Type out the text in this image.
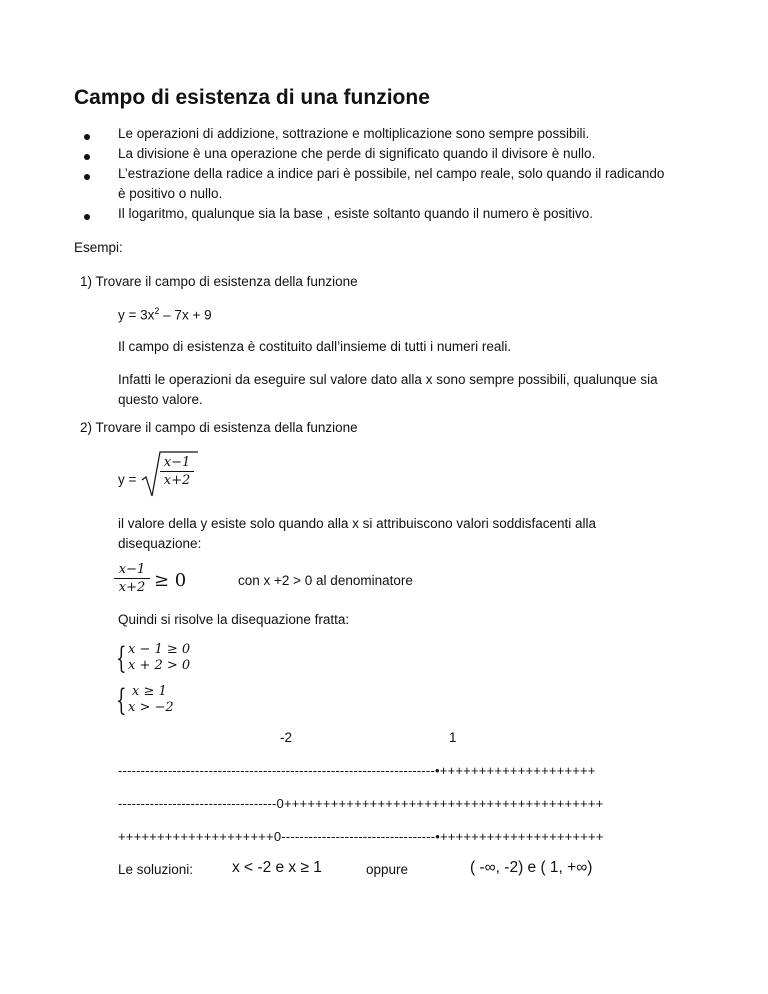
Campo di esistenza di una funzione
Le operazioni di addizione, sottrazione e moltiplicazione sono sempre possibili.
La divisione è una operazione che perde di significato quando il divisore è nullo.
L’estrazione della radice a indice pari è possibile, nel campo reale, solo quando il radicando
è positivo o nullo.
Il logaritmo, qualunque sia la base , esiste soltanto quando il numero è positivo.
Esempi:
1) Trovare il campo di esistenza della funzione
$y = 3x^2 - 7x + 9$
Il campo di esistenza è costituito dall’insieme di tutti i numeri reali.
Infatti le operazioni da eseguire sul valore dato alla x sono sempre possibili, qualunque sia
questo valore.
2) Trovare il campo di esistenza della funzione
y =
x−1
x+2
il valore della y esiste solo quando alla x si attribuiscono valori soddisfacenti alla
disequazione:
x−1
x+2 ≥ 0	con x +2 > 0 al denominatore
Quindi si risolve la disequazione fratta:
{ x − 1 ≥ 0
x + 2 > 0
{ x ≥ 1
x > −2
-2	1
----------------------------------------------------------------------•++++++++++++++++++++
-----------------------------------0+++++++++++++++++++++++++++++++++++++++++
++++++++++++++++++++0----------------------------------•+++++++++++++++++++++
Le soluzioni:	x < -2 e x ≥ 1	oppure	( -∞, -2) e ( 1, +∞)
